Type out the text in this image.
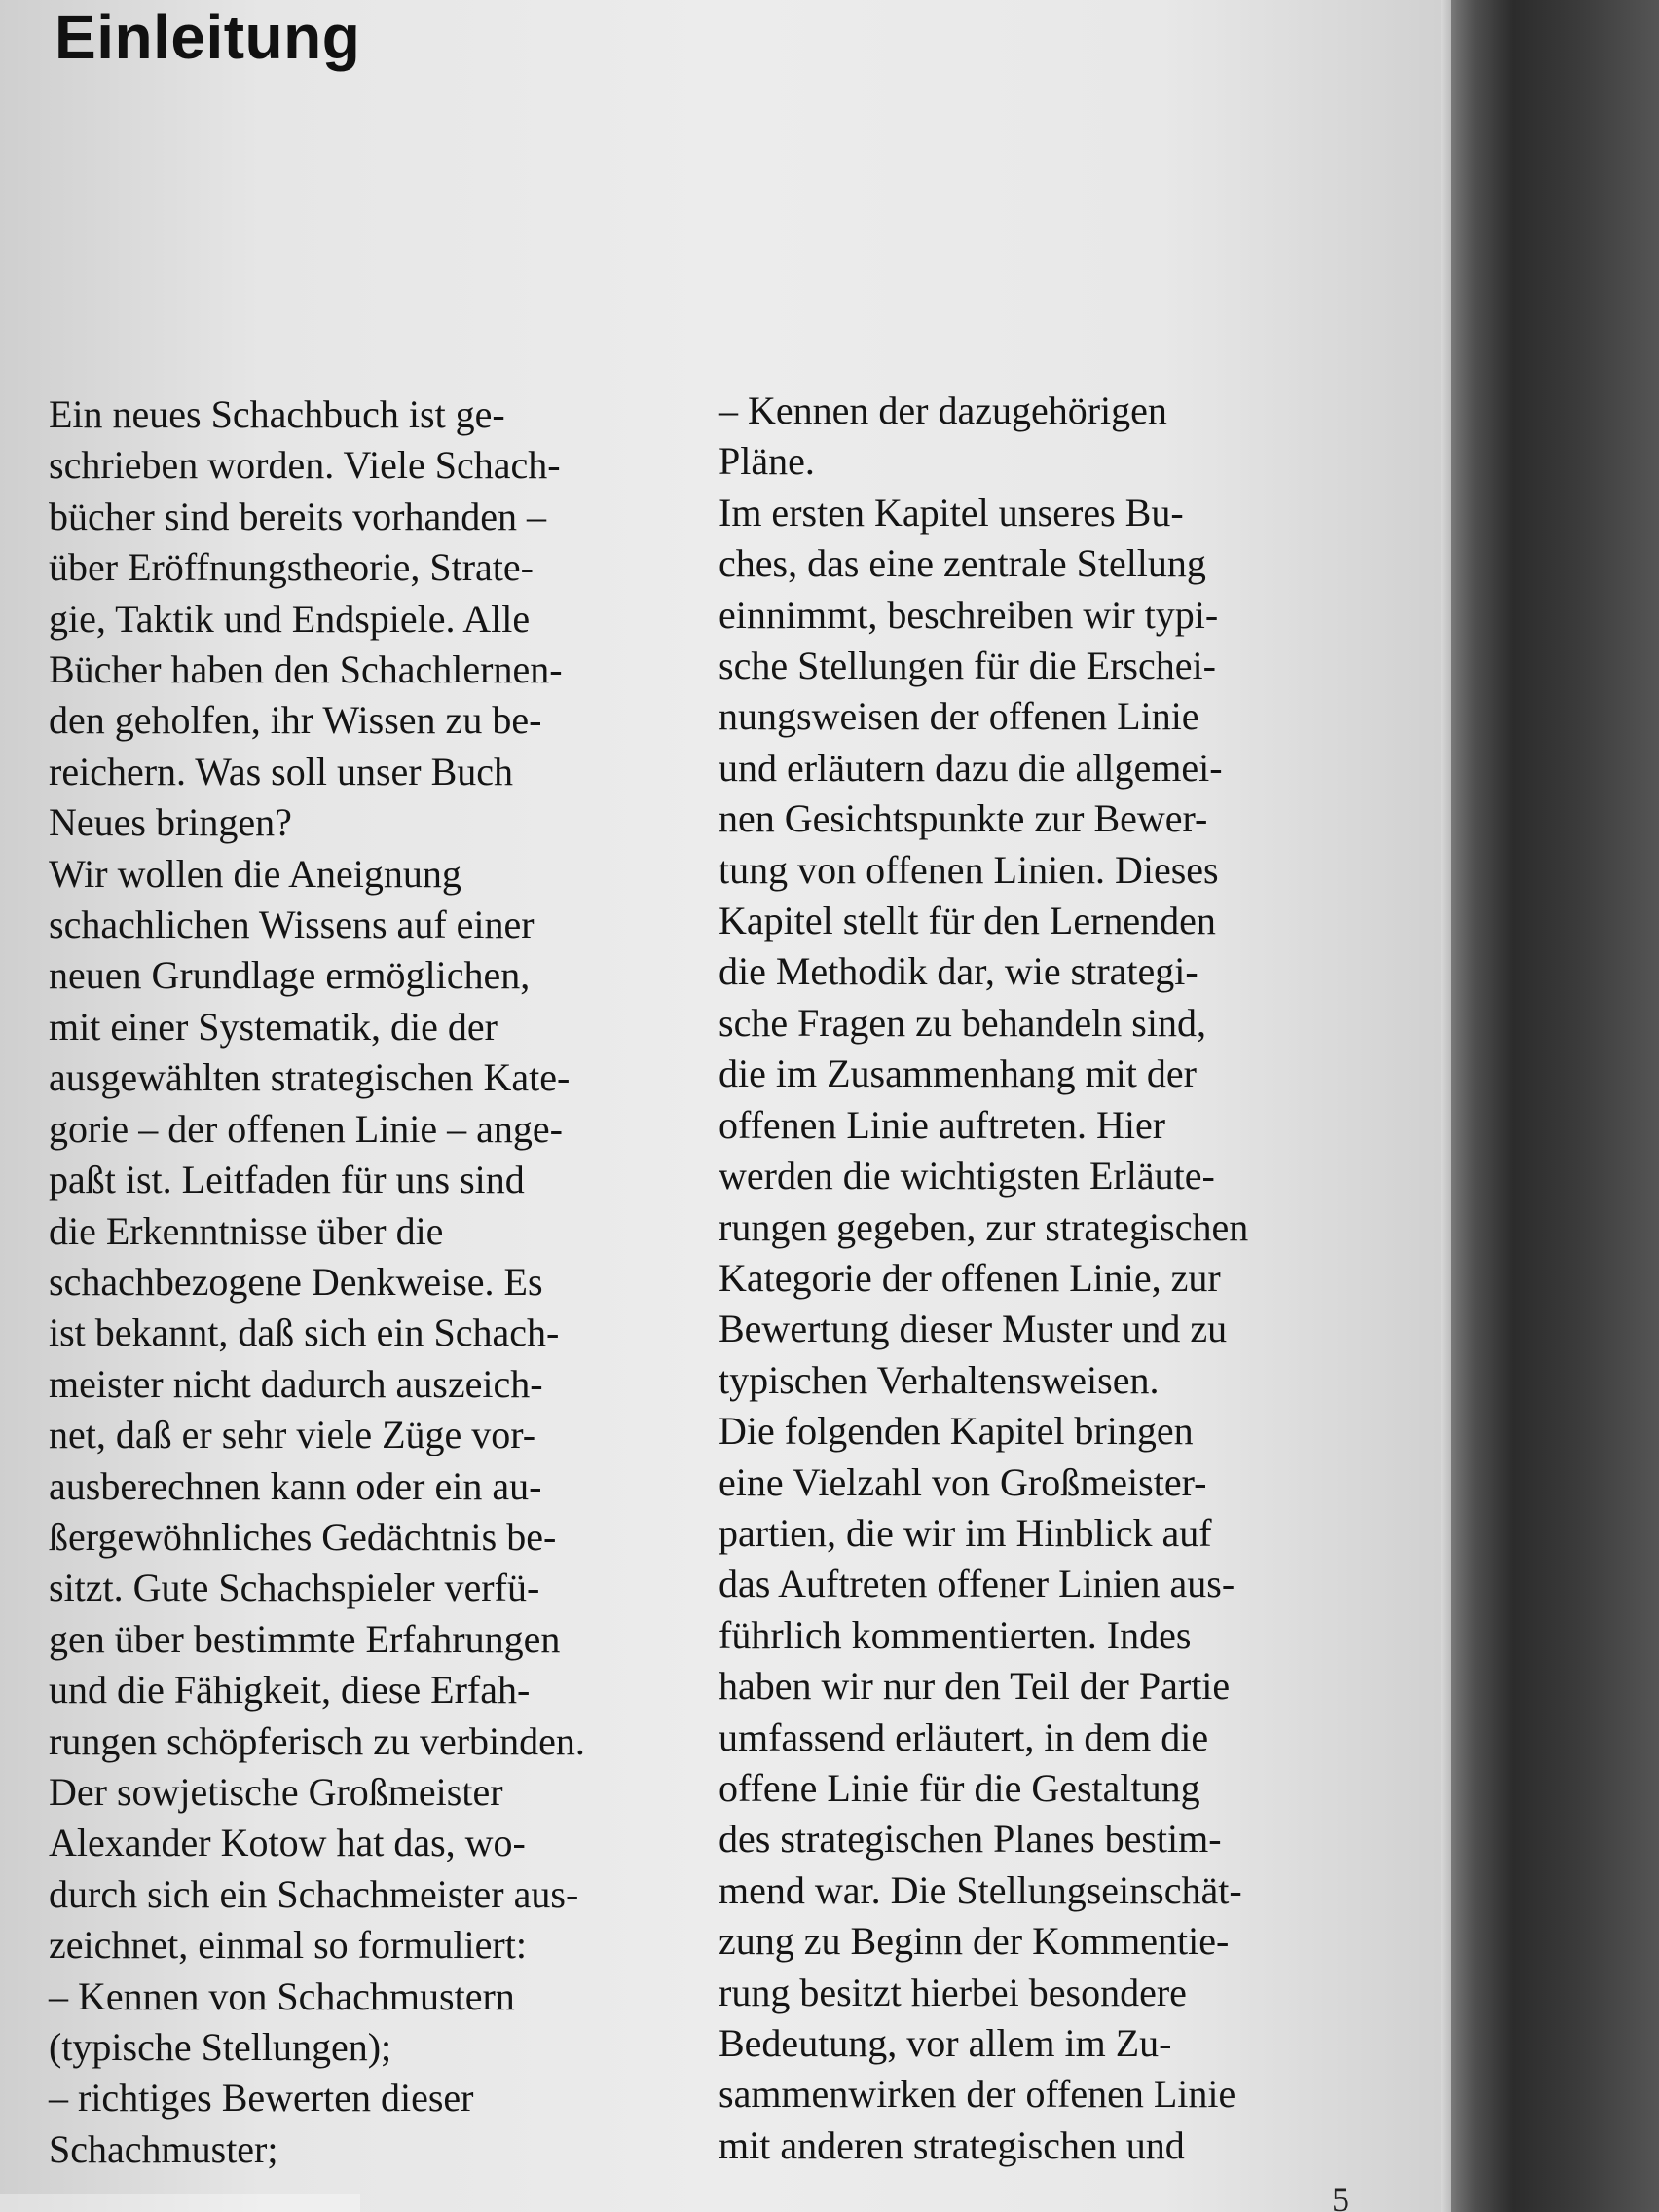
Einleitung

Ein neues Schachbuch ist ge-

schrieben worden. Viele Schach-

bücher sind bereits vorhanden –

über Eröffnungstheorie, Strate-

gie, Taktik und Endspiele. Alle

Bücher haben den Schachlernen-

den geholfen, ihr Wissen zu be-

reichern. Was soll unser Buch

Neues bringen?

Wir wollen die Aneignung

schachlichen Wissens auf einer

neuen Grundlage ermöglichen,

mit einer Systematik, die der

ausgewählten strategischen Kate-

gorie – der offenen Linie – ange-

paßt ist. Leitfaden für uns sind

die Erkenntnisse über die

schachbezogene Denkweise. Es

ist bekannt, daß sich ein Schach-

meister nicht dadurch auszeich-

net, daß er sehr viele Züge vor-

ausberechnen kann oder ein au-

ßergewöhnliches Gedächtnis be-

sitzt. Gute Schachspieler verfü-

gen über bestimmte Erfahrungen

und die Fähigkeit, diese Erfah-

rungen schöpferisch zu verbinden.

Der sowjetische Großmeister

Alexander Kotow hat das, wo-

durch sich ein Schachmeister aus-

zeichnet, einmal so formuliert:

– Kennen von Schachmustern

(typische Stellungen);

– richtiges Bewerten dieser

Schachmuster;

– Kennen der dazugehörigen

Pläne.

Im ersten Kapitel unseres Bu-

ches, das eine zentrale Stellung

einnimmt, beschreiben wir typi-

sche Stellungen für die Erschei-

nungsweisen der offenen Linie

und erläutern dazu die allgemei-

nen Gesichtspunkte zur Bewer-

tung von offenen Linien. Dieses

Kapitel stellt für den Lernenden

die Methodik dar, wie strategi-

sche Fragen zu behandeln sind,

die im Zusammenhang mit der

offenen Linie auftreten. Hier

werden die wichtigsten Erläute-

rungen gegeben, zur strategischen

Kategorie der offenen Linie, zur

Bewertung dieser Muster und zu

typischen Verhaltensweisen.

Die folgenden Kapitel bringen

eine Vielzahl von Großmeister-

partien, die wir im Hinblick auf

das Auftreten offener Linien aus-

führlich kommentierten. Indes

haben wir nur den Teil der Partie

umfassend erläutert, in dem die

offene Linie für die Gestaltung

des strategischen Planes bestim-

mend war. Die Stellungseinschät-

zung zu Beginn der Kommentie-

rung besitzt hierbei besondere

Bedeutung, vor allem im Zu-

sammenwirken der offenen Linie

mit anderen strategischen und

5
